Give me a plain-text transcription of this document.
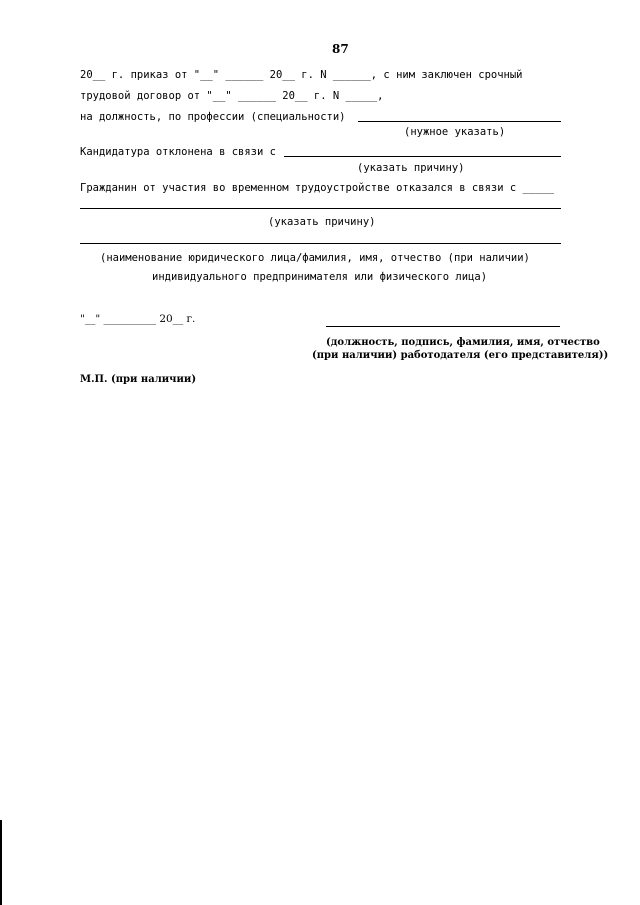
87
20__ г. приказ от "__" ______ 20__ г. N ______, с ним заключен срочный
трудовой договор от "__" ______ 20__ г. N _____,
на должность, по профессии (специальности)
(нужное указать)
Кандидатура отклонена в связи с
(указать причину)
Гражданин от участия во временном трудоустройстве отказался в связи с _____
(указать причину)
(наименование юридического лица/фамилия, имя, отчество (при наличии)
индивидуального предпринимателя или физического лица)
"__" __________ 20__ г.
(должность, подпись, фамилия, имя, отчество
(при наличии) работодателя (его представителя))
М.П. (при наличии)
